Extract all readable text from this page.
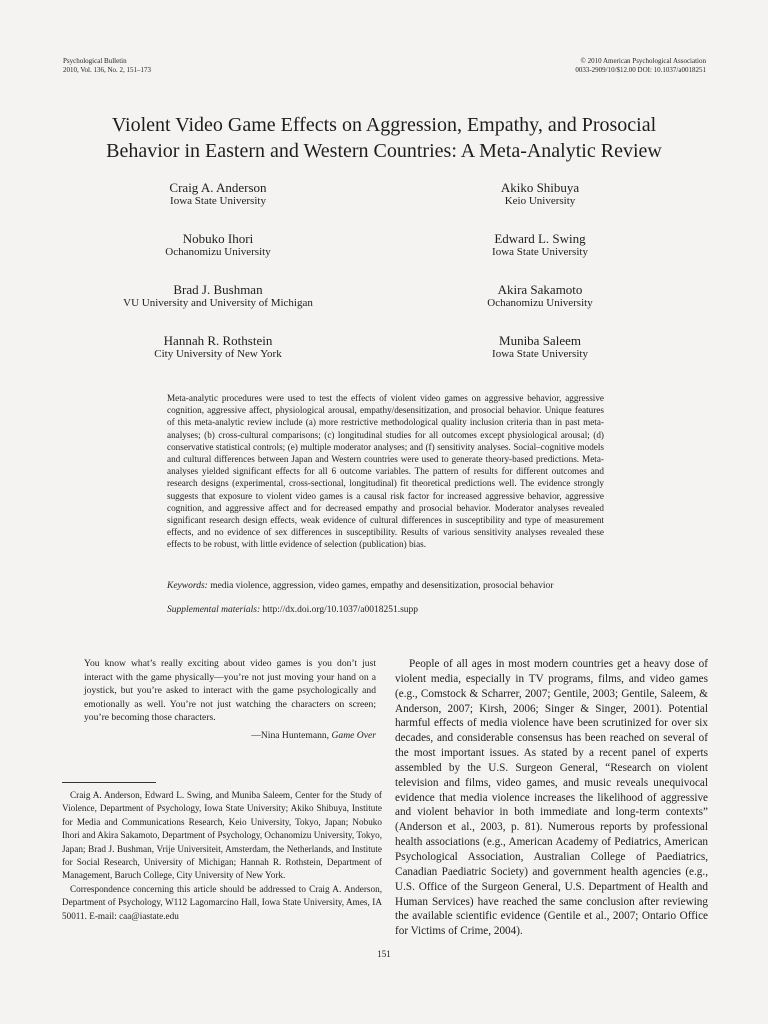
Psychological Bulletin
2010, Vol. 136, No. 2, 151–173
© 2010 American Psychological Association
0033-2909/10/$12.00 DOI: 10.1037/a0018251
Violent Video Game Effects on Aggression, Empathy, and Prosocial
Behavior in Eastern and Western Countries: A Meta-Analytic Review
Craig A. Anderson
Iowa State University
Akiko Shibuya
Keio University
Nobuko Ihori
Ochanomizu University
Edward L. Swing
Iowa State University
Brad J. Bushman
VU University and University of Michigan
Akira Sakamoto
Ochanomizu University
Hannah R. Rothstein
City University of New York
Muniba Saleem
Iowa State University
Meta-analytic procedures were used to test the effects of violent video games on aggressive behavior, aggressive cognition, aggressive affect, physiological arousal, empathy/desensitization, and prosocial behavior. Unique features of this meta-analytic review include (a) more restrictive methodological quality inclusion criteria than in past meta-analyses; (b) cross-cultural comparisons; (c) longitudinal studies for all outcomes except physiological arousal; (d) conservative statistical controls; (e) multiple moderator analyses; and (f) sensitivity analyses. Social–cognitive models and cultural differences between Japan and Western countries were used to generate theory-based predictions. Meta-analyses yielded significant effects for all 6 outcome variables. The pattern of results for different outcomes and research designs (experimental, cross-sectional, longitudinal) fit theoretical predictions well. The evidence strongly suggests that exposure to violent video games is a causal risk factor for increased aggressive behavior, aggressive cognition, and aggressive affect and for decreased empathy and prosocial behavior. Moderator analyses revealed significant research design effects, weak evidence of cultural differences in susceptibility and type of measurement effects, and no evidence of sex differences in susceptibility. Results of various sensitivity analyses revealed these effects to be robust, with little evidence of selection (publication) bias.
Keywords: media violence, aggression, video games, empathy and desensitization, prosocial behavior
Supplemental materials: http://dx.doi.org/10.1037/a0018251.supp
You know what’s really exciting about video games is you don’t just interact with the game physically—you’re not just moving your hand on a joystick, but you’re asked to interact with the game psychologically and emotionally as well. You’re not just watching the characters on screen; you’re becoming those characters.
—Nina Huntemann, Game Over

Craig A. Anderson, Edward L. Swing, and Muniba Saleem, Center for the Study of Violence, Department of Psychology, Iowa State University; Akiko Shibuya, Institute for Media and Communications Research, Keio University, Tokyo, Japan; Nobuko Ihori and Akira Sakamoto, Department of Psychology, Ochanomizu University, Tokyo, Japan; Brad J. Bushman, Vrije Universiteit, Amsterdam, the Netherlands, and Institute for Social Research, University of Michigan; Hannah R. Rothstein, Department of Management, Baruch College, City University of New York.

Correspondence concerning this article should be addressed to Craig A. Anderson, Department of Psychology, W112 Lagomarcino Hall, Iowa State University, Ames, IA 50011. E-mail: caa@iastate.edu

People of all ages in most modern countries get a heavy dose of violent media, especially in TV programs, films, and video games (e.g., Comstock & Scharrer, 2007; Gentile, 2003; Gentile, Saleem, & Anderson, 2007; Kirsh, 2006; Singer & Singer, 2001). Potential harmful effects of media violence have been scrutinized for over six decades, and considerable consensus has been reached on several of the most important issues. As stated by a recent panel of experts assembled by the U.S. Surgeon General, “Research on violent television and films, video games, and music reveals unequivocal evidence that media violence increases the likelihood of aggressive and violent behavior in both immediate and long-term contexts” (Anderson et al., 2003, p. 81). Numerous reports by professional health associations (e.g., American Academy of Pediatrics, American Psychological Association, Australian College of Paediatrics, Canadian Paediatric Society) and government health agencies (e.g., U.S. Office of the Surgeon General, U.S. Department of Health and Human Services) have reached the same conclusion after reviewing the available scientific evidence (Gentile et al., 2007; Ontario Office for Victims of Crime, 2004).

151
